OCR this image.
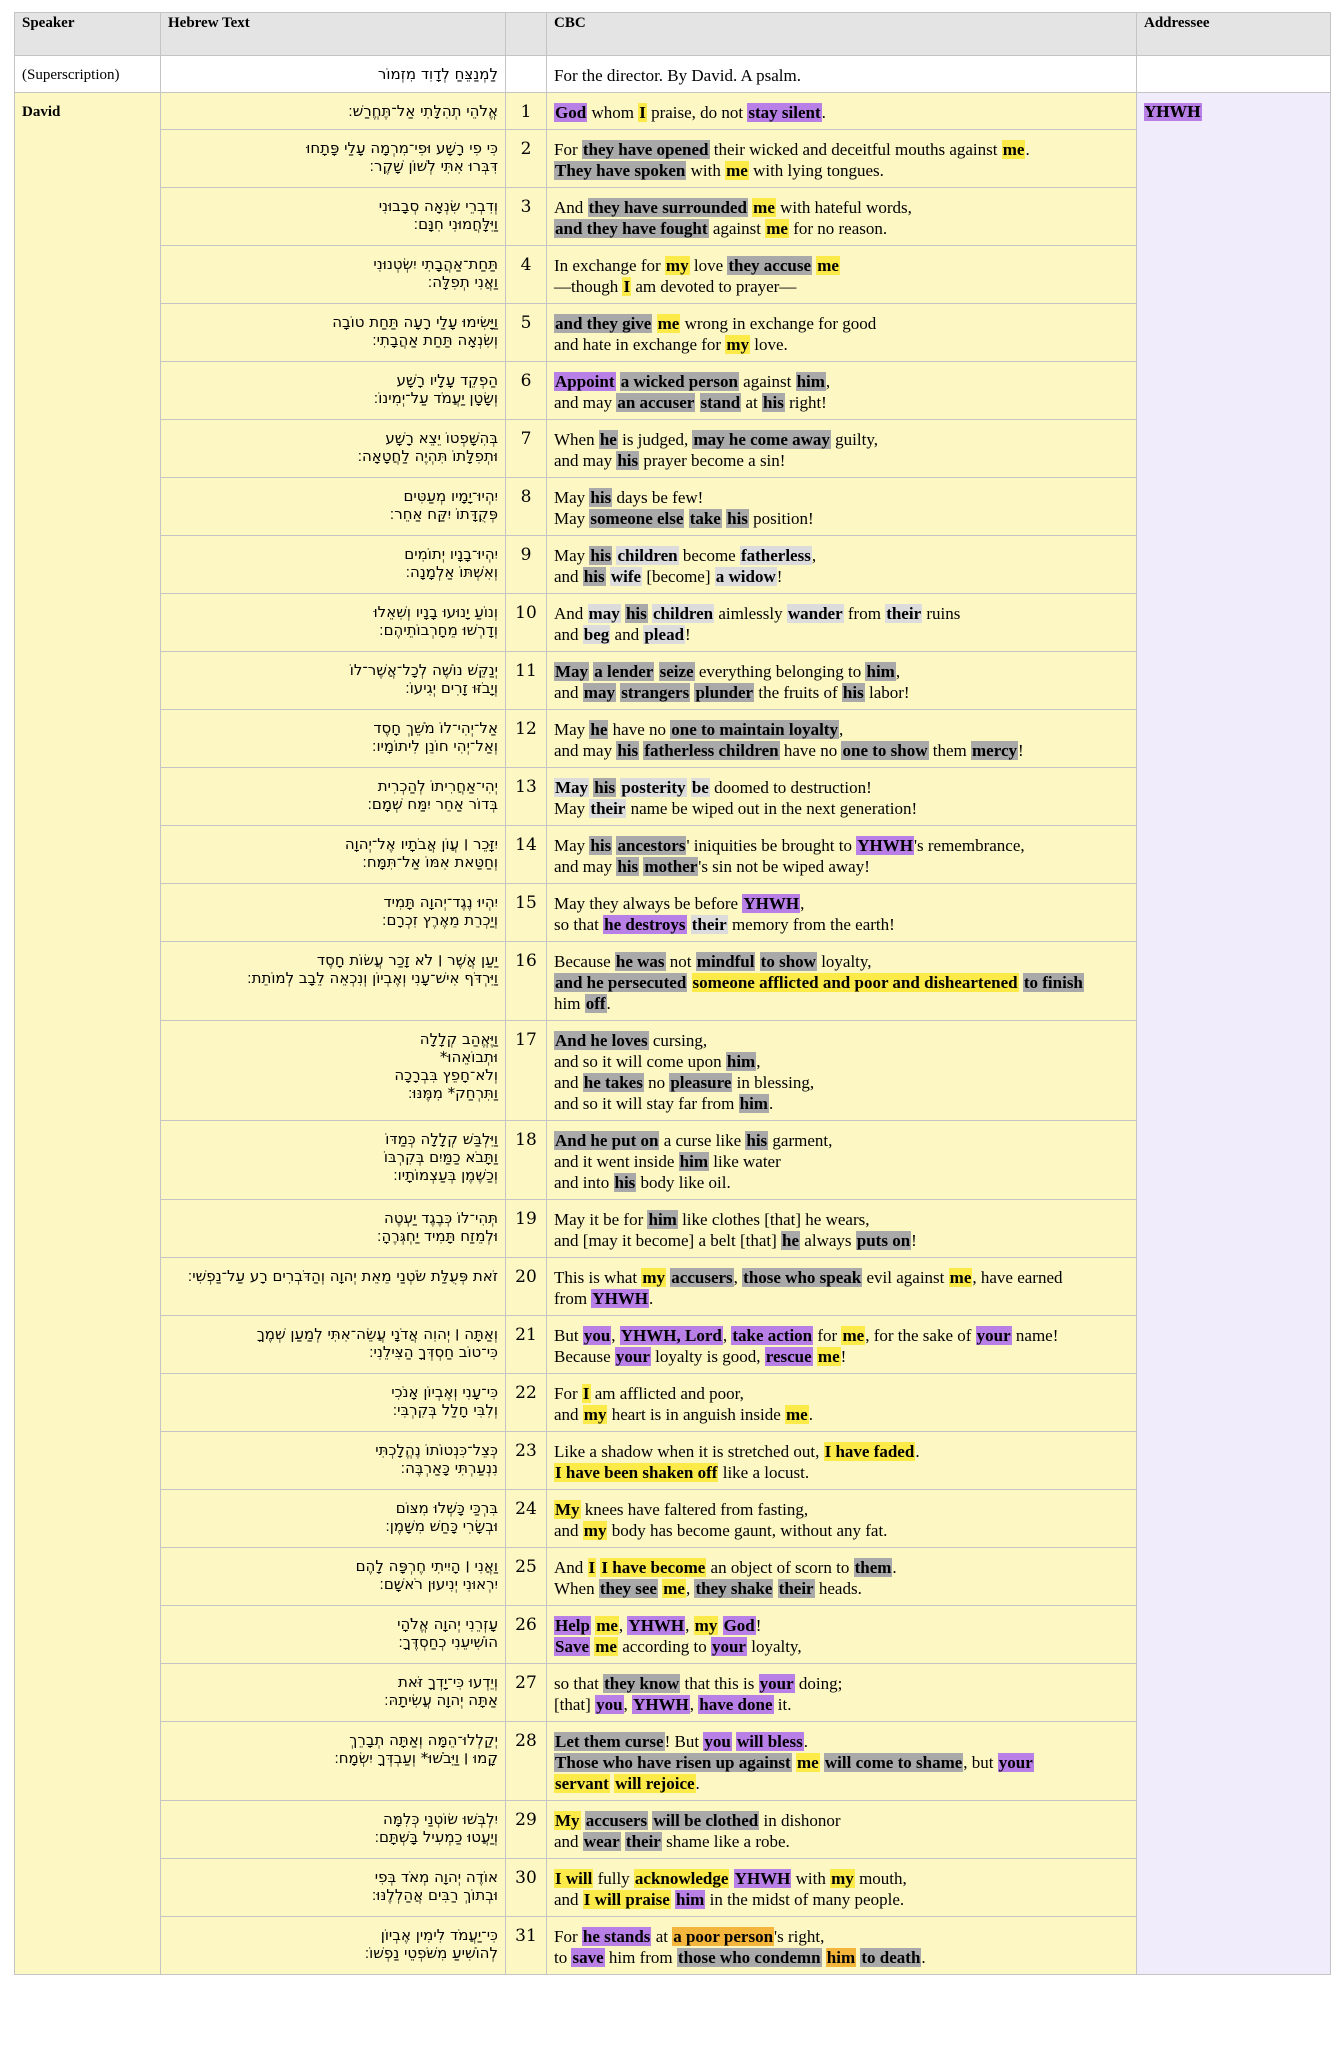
Speaker	Hebrew Text		CBC	Addressee
(Superscription)	לַמְנַצֵּחַ לְדָוִד מִזְמוֹר		For the director. By David. A psalm.	
David	אֱלֹהֵי תְהִלָּתִי אַל־תֶּחֱרַשׁ׃	1	God whom I praise, do not stay silent.	YHWH

	כִּי פִי רָשָׁע וּפִי־מִרְמָה עָלַי פָּתָחוּ
דִּבְּרוּ אִתִּי לְשׁוֹן שָׁקֶר׃	2	For they have opened their wicked and deceitful mouths against me.
They have spoken with me with lying tongues.	

	וְדִבְרֵי שִׂנְאָה סְבָבוּנִי
וַיִּלָּחֲמוּנִי חִנָּם׃	3	And they have surrounded me with hateful words,
and they have fought against me for no reason.	

	תַּחַת־אַהֲבָתִי יִשְׂטְנוּנִי
וַאֲנִי תְפִלָּה׃	4	In exchange for my love they accuse me
—though I am devoted to prayer—	

	וַיָּשִׂימוּ עָלַי רָעָה תַּחַת טוֹבָה
וְשִׂנְאָה תַּחַת אַהֲבָתִי׃	5	and they give me wrong in exchange for good
and hate in exchange for my love.	

	הַפְקֵד עָלָיו רָשָׁע
וְשָׂטָן יַעֲמֹד עַל־יְמִינוֹ׃	6	Appoint a wicked person against him,
and may an accuser stand at his right!	

	בְּהִשָּׁפְטוֹ יֵצֵא רָשָׁע
וּתְפִלָּתוֹ תִּהְיֶה לַחֲטָאָה׃	7	When he is judged, may he come away guilty,
and may his prayer become a sin!	

	יִהְיוּ־יָמָיו מְעַטִּים
פְּקֻדָּתוֹ יִקַּח אַחֵר׃	8	May his days be few!
May someone else take his position!	

	יִהְיוּ־בָנָיו יְתוֹמִים
וְאִשְׁתּוֹ אַלְמָנָה׃	9	May his children become fatherless,
and his wife [become] a widow!	

	וְנוֹעַ יָנוּעוּ בָנָיו וְשִׁאֵלוּ
וְדָרְשׁוּ מֵחָרְבוֹתֵיהֶם׃	10	And may his children aimlessly wander from their ruins
and beg and plead!	

	יְנַקֵּשׁ נוֹשֶׁה לְכָל־אֲשֶׁר־לוֹ
וְיָבֹזּוּ זָרִים יְגִיעוֹ׃	11	May a lender seize everything belonging to him,
and may strangers plunder the fruits of his labor!	

	אַל־יְהִי־לוֹ מֹשֵׁךְ חָסֶד
וְאַל־יְהִי חוֹנֵן לִיתוֹמָיו׃	12	May he have no one to maintain loyalty,
and may his fatherless children have no one to show them mercy!	

	יְהִי־אַחֲרִיתוֹ לְהַכְרִית
בְּדוֹר אַחֵר יִמַּח שְׁמָם׃	13	May his posterity be doomed to destruction!
May their name be wiped out in the next generation!	

	יִזָּכֵר ׀ עֲוֹן אֲבֹתָיו אֶל־יְהוָה
וְחַטַּאת אִמּוֹ אַל־תִּמָּח׃	14	May his ancestors' iniquities be brought to YHWH's remembrance,
and may his mother's sin not be wiped away!	

	יִהְיוּ נֶגֶד־יְהוָה תָּמִיד
וְיַכְרֵת מֵאֶרֶץ זִכְרָם׃	15	May they always be before YHWH,
so that he destroys their memory from the earth!	

	יַעַן אֲשֶׁר ׀ לֹא זָכַר עֲשׂוֹת חָסֶד
וַיִּרְדֹּף אִישׁ־עָנִי וְאֶבְיוֹן וְנִכְאֵה לֵבָב לְמוֹתֵת׃	16	Because he was not mindful to show loyalty,
and he persecuted someone afflicted and poor and disheartened to finish
him off.	

	וַיֶּאֱהַב קְלָלָה
וּתְבוֹאֵהוּ*
וְלֹא־חָפֵץ בִּבְרָכָה
וַתִּרְחַק* מִמֶּנּוּ׃	17	And he loves cursing,
and so it will come upon him,
and he takes no pleasure in blessing,
and so it will stay far from him.	

	וַיִּלְבַּשׁ קְלָלָה כְּמַדּוֹ
וַתָּבֹא כַמַּיִם בְּקִרְבּוֹ
וְכַשֶּׁמֶן בְּעַצְמוֹתָיו׃	18	And he put on a curse like his garment,
and it went inside him like water
and into his body like oil.	

	תְּהִי־לוֹ כְּבֶגֶד יַעְטֶה
וּלְמֵזַח תָּמִיד יַחְגְּרֶהָ׃	19	May it be for him like clothes [that] he wears,
and [may it become] a belt [that] he always puts on!	

	זֹאת פְּעֻלַּת שֹׂטְנַי מֵאֵת יְהוָה וְהַדֹּבְרִים רָע עַל־נַפְשִׁי׃	20	This is what my accusers, those who speak evil against me, have earned
from YHWH.	

	וְאַתָּה ׀ יְהוִה אֲדֹנָי עֲשֵׂה־אִתִּי לְמַעַן שְׁמֶךָ
כִּי־טוֹב חַסְדְּךָ הַצִּילֵנִי׃	21	But you, YHWH, Lord, take action for me, for the sake of your name!
Because your loyalty is good, rescue me!	

	כִּי־עָנִי וְאֶבְיוֹן אָנֹכִי
וְלִבִּי חָלַל בְּקִרְבִּי׃	22	For I am afflicted and poor,
and my heart is in anguish inside me.	

	כְּצֵל־כִּנְטוֹתוֹ נֶהֱלָכְתִּי
נִנְעַרְתִּי כָּאַרְבֶּה׃	23	Like a shadow when it is stretched out, I have faded.
I have been shaken off like a locust.	

	בִּרְכַּי כָּשְׁלוּ מִצּוֹם
וּבְשָׂרִי כָּחַשׁ מִשָּׁמֶן׃	24	My knees have faltered from fasting,
and my body has become gaunt, without any fat.	

	וַאֲנִי ׀ הָיִיתִי חֶרְפָּה לָהֶם
יִרְאוּנִי יְנִיעוּן רֹאשָׁם׃	25	And I I have become an object of scorn to them.
When they see me, they shake their heads.	

	עָזְרֵנִי יְהוָה אֱלֹהָי
הוֹשִׁיעֵנִי כְחַסְדֶּךָ׃	26	Help me, YHWH, my God!
Save me according to your loyalty,	

	וְיֵדְעוּ כִּי־יָדְךָ זֹּאת
אַתָּה יְהוָה עֲשִׂיתָהּ׃	27	so that they know that this is your doing;
[that] you, YHWH, have done it.	

	יְקַלְלוּ־הֵמָּה וְאַתָּה תְבָרֵךְ
קָמוּ ׀ וַיֵּבֹשׁוּ* וְעַבְדְּךָ יִשְׂמָח׃	28	Let them curse! But you will bless.
Those who have risen up against me will come to shame, but your
servant will rejoice.	

	יִלְבְּשׁוּ שׂוֹטְנַי כְּלִמָּה
וְיַעֲטוּ כַמְעִיל בָּשְׁתָּם׃	29	My accusers will be clothed in dishonor
and wear their shame like a robe.	

	אוֹדֶה יְהוָה מְאֹד בְּפִי
וּבְתוֹךְ רַבִּים אֲהַלְלֶנּוּ׃	30	I will fully acknowledge YHWH with my mouth,
and I will praise him in the midst of many people.	

	כִּי־יַעֲמֹד לִימִין אֶבְיוֹן
לְהוֹשִׁיעַ מִשֹּׁפְטֵי נַפְשׁוֹ׃	31	For he stands at a poor person's right,
to save him from those who condemn him to death.	
